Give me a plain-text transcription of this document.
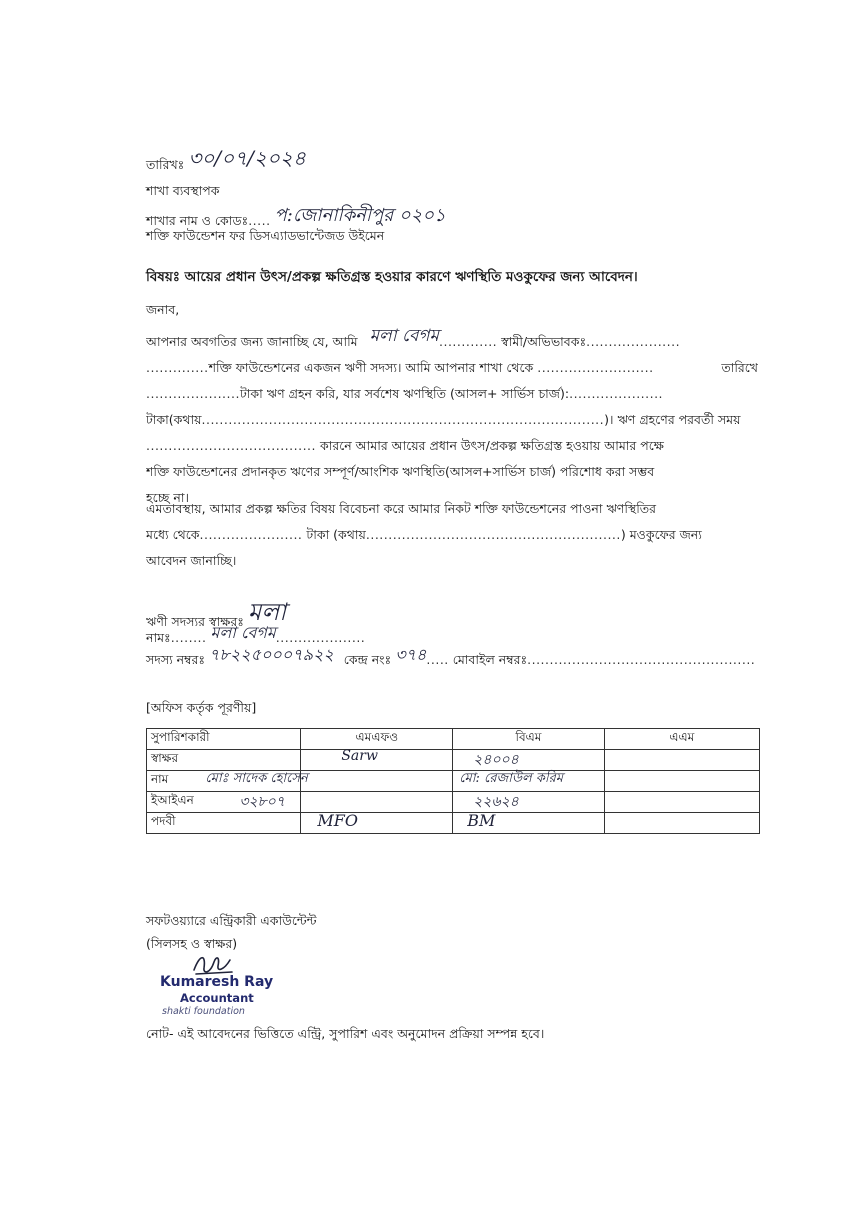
তারিখঃ ৩০/০৭/২০২৪
শাখা ব্যবস্থাপক
শাখার নাম ও কোডঃ..... প:জোনাকিনীপুর ০২০১
শক্তি ফাউন্ডেশন ফর ডিসএ্যাডভান্টেজড উইমেন
বিষয়ঃ আয়ের প্রধান উৎস/প্রকল্প ক্ষতিগ্রস্ত হওয়ার কারণে ঋণস্থিতি মওকুফের জন্য আবেদন।
জনাব,
আপনার অবগতির জন্য জানাচ্ছি যে, আমি মলা বেগম............. স্বামী/অভিভাবকঃ.....................
..............শক্তি ফাউন্ডেশনের একজন ঋণী সদস্য। আমি আপনার শাখা থেকে ..........................	তারিখে
.....................টাকা ঋণ গ্রহন করি, যার সর্বশেষ ঋণস্থিতি (আসল+ সার্ভিস চার্জ):.....................
টাকা(কথায়..........................................................................................)। ঋণ গ্রহণের পরবর্তী সময়
...................................... কারনে আমার আয়ের প্রধান উৎস/প্রকল্প ক্ষতিগ্রস্ত হওয়ায় আমার পক্ষে
শক্তি ফাউন্ডেশনের প্রদানকৃত ঋণের সম্পূর্ণ/আংশিক ঋণস্থিতি(আসল+সার্ভিস চার্জ) পরিশোধ করা সম্ভব
হচ্ছে না।
এমতাবস্থায়, আমার প্রকল্প ক্ষতির বিষয় বিবেচনা করে আমার নিকট শক্তি ফাউন্ডেশনের পাওনা ঋণস্থিতির
মধ্যে থেকে....................... টাকা (কথায়.........................................................) মওকুফের জন্য
আবেদন জানাচ্ছি।
ঋণী সদস্যর স্বাক্ষরঃ মলা
নামঃ........ মলা বেগম....................
সদস্য নম্বরঃ ৭৮২২৫০০০৭৯২২ কেন্দ্র নংঃ ৩৭৪..... মোবাইল নম্বরঃ...................................................
[অফিস কর্তৃক পূরণীয়]
সুপারিশকারী	এমএফও	বিএম	এএম
স্বাক্ষর	Sarw	২৪০০৪	

নাম	মোঃ সাদেক হোসেন	মো: রেজাউল করিম	

ইআইএন	৩২৮০৭	২২৬২৪	

পদবী	MFO	BM	

সফটওয়্যারে এন্ট্রিকারী একাউন্টেন্ট
(সিলসহ ও স্বাক্ষর)
Kumaresh Ray
Accountant
shakti foundation
নোট- এই আবেদনের ভিত্তিতে এন্ট্রি, সুপারিশ এবং অনুমোদন প্রক্রিয়া সম্পন্ন হবে।
